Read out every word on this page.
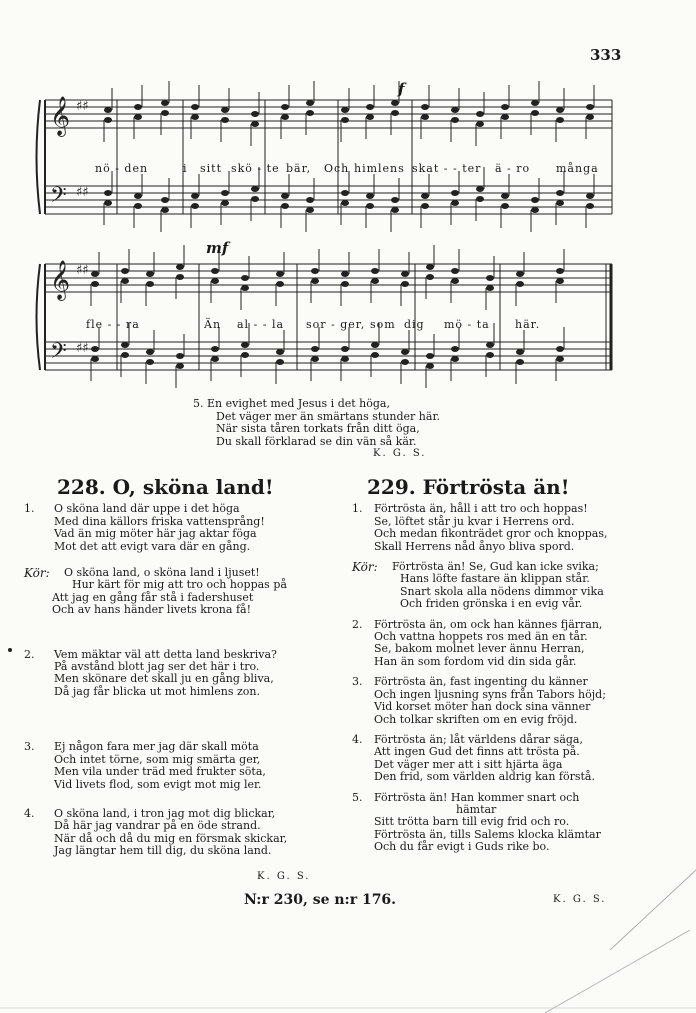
333
𝄞 ♯♯
𝄢 ♯♯
𝄞 ♯♯
𝄢 ♯♯
f
mf
nö - den	i sitt skö - te bär, Och himlens skat - - ter ä - ro många
fle - - ra	Än al - - la sor - ger, som dig mö - ta här.
5. En evighet med Jesus i det höga,
Det väger mer än smärtans stunder här.
När sista tåren torkats från ditt öga,
Du skall förklarad se din vän så kär.
K. G. S.
228. O, sköna land!
1. O sköna land där uppe i det höga
Med dina källors friska vattensprång!
Vad än mig möter här jag aktar föga
Mot det att evigt vara där en gång.
Kör: O sköna land, o sköna land i ljuset!
Hur kärt för mig att tro och hoppas på
Att jag en gång får stå i fadershuset
Och av hans händer livets krona få!
2. Vem mäktar väl att detta land beskriva?
På avstånd blott jag ser det här i tro.
Men skönare det skall ju en gång bliva,
Då jag får blicka ut mot himlens zon.
3. Ej någon fara mer jag där skall möta
Och intet törne, som mig smärta ger,
Men vila under träd med frukter söta,
Vid livets flod, som evigt mot mig ler.
4. O sköna land, i tron jag mot dig blickar,
Då här jag vandrar på en öde strand.
När då och då du mig en försmak skickar,
Jag längtar hem till dig, du sköna land.
K. G. S.
229. Förtrösta än!
1. Förtrösta än, håll i att tro och hoppas!
Se, löftet står ju kvar i Herrens ord.
Och medan fikonträdet gror och knoppas,
Skall Herrens nåd ånyo bliva spord.
Kör: Förtrösta än! Se, Gud kan icke svika;
Hans löfte fastare än klippan står.
Snart skola alla nödens dimmor vika
Och friden grönska i en evig vår.
2. Förtrösta än, om ock han kännes fjärran,
Och vattna hoppets ros med än en tår.
Se, bakom molnet lever ännu Herran,
Han än som fordom vid din sida går.
3. Förtrösta än, fast ingenting du känner
Och ingen ljusning syns från Tabors höjd;
Vid korset möter han dock sina vänner
Och tolkar skriften om en evig fröjd.
4. Förtrösta än; låt världens dårar säga,
Att ingen Gud det finns att trösta på.
Det väger mer att i sitt hjärta äga
Den frid, som världen aldrig kan förstå.
5. Förtrösta än! Han kommer snart och
hämtar
Sitt trötta barn till evig frid och ro.
Förtrösta än, tills Salems klocka klämtar
Och du får evigt i Guds rike bo.
K. G. S.
N:r 230, se n:r 176.
